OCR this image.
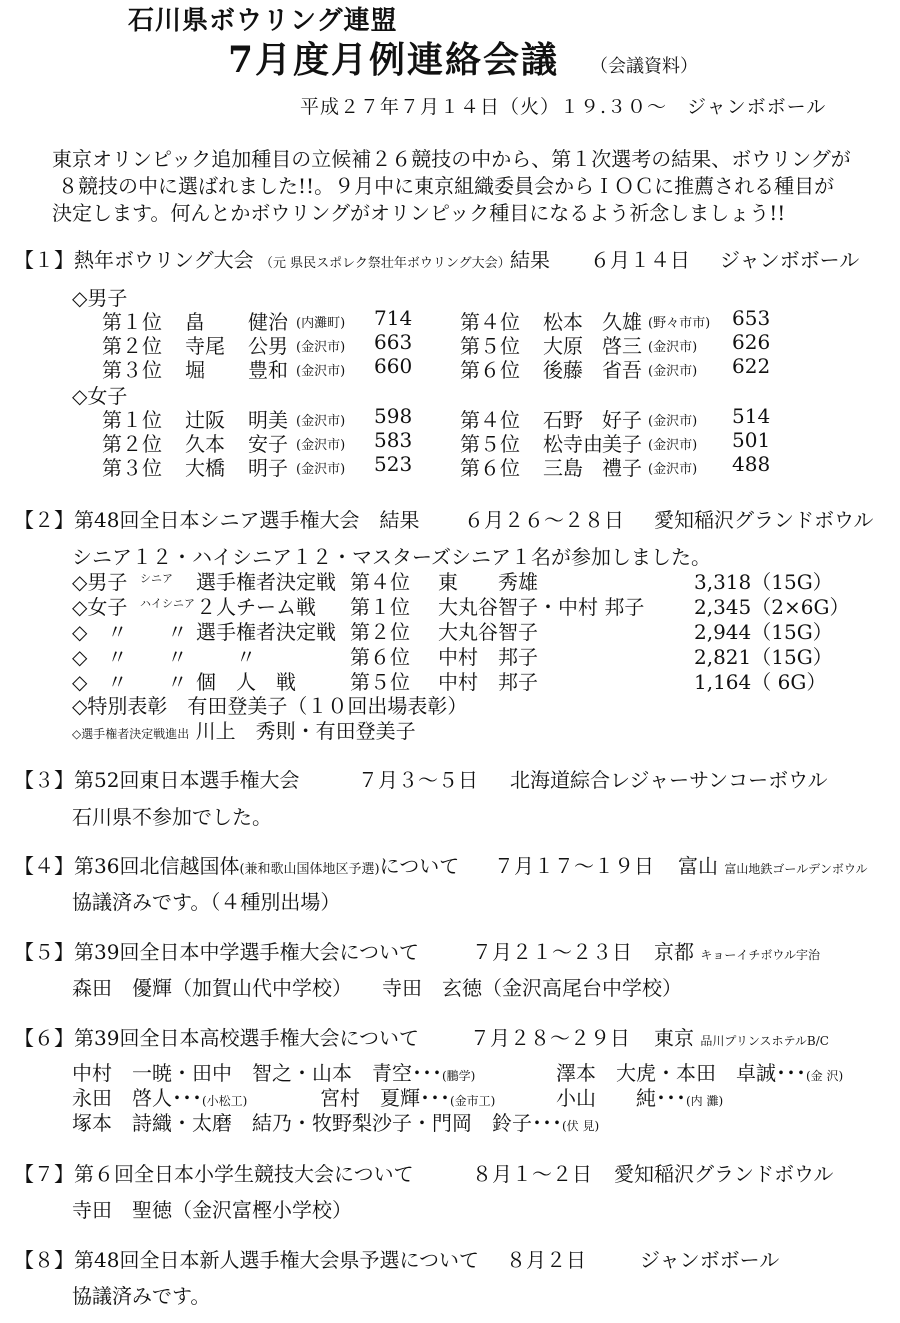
石川県ボウリング連盟
7月度月例連絡会議 （会議資料）
平成２７年７月１４日（火）１９.３０～　ジャンボボール
東京オリンピック追加種目の立候補２６競技の中から、第１次選考の結果、ボウリングが
８競技の中に選ばれました!!。９月中に東京組織委員会からＩＯＣに推薦される種目が
決定します。何んとかボウリングがオリンピック種目になるよう祈念しましょう!!
【１】熱年ボウリング大会 （元 県民スポレク祭壮年ボウリング大会） 結果 ６月１４日 ジャンボボール
◇男子
第１位 畠 健治 (内灘町) 714 第４位 松本 久雄 (野々市市) 653
第２位 寺尾 公男 (金沢市) 663 第５位 大原 啓三 (金沢市) 626
第３位 堀 豊和 (金沢市) 660 第６位 後藤 省吾 (金沢市) 622
◇女子
第１位 辻阪 明美 (金沢市) 598 第４位 石野 好子 (金沢市) 514
第２位 久本 安子 (金沢市) 583 第５位 松寺由 美子 (金沢市) 501
第３位 大橋 明子 (金沢市) 523 第６位 三島 禮子 (金沢市) 488
【２】第48回全日本シニア選手権大会　結果 ６月２６～２８日 愛知稲沢グランドボウル
シニア１２・ハイシニア１２・マスターズシニア１名が参加しました。
◇男子 シニア 選手権者決定戦 第４位 東　　秀雄	3,318（15G）
◇女子 ハイシニア ２人チーム戦 第１位 大丸谷智子・中村 邦子 2,345（2×6G）
◇　〃　　〃 選手権者決定戦 第２位 大丸谷智子	2,944（15G）
◇　〃　　〃 　　〃	第６位 中村　邦子	2,821（15G）
◇　〃　　〃 個　人　戦	第５位 中村　邦子	1,164（ 6G）
◇特別表彰　有田登美子（１０回出場表彰）
◇選手権者決定戦進出 川上　秀則・有田登美子
【３】第52回東日本選手権大会	７月３～５日 北海道綜合レジャーサンコーボウル
石川県不参加でした。
【４】第36回北信越国体(兼和歌山国体地区予選)について ７月１７～１９日 富山 富山地鉄ゴールデンボウル
協議済みです。（４種別出場）
【５】第39回全日本中学選手権大会について	７月２１～２３日 京都 キョーイチボウル宇治
森田　優輝（加賀山代中学校）　　寺田　玄徳（金沢高尾台中学校）
【６】第39回全日本高校選手権大会について	７月２８～２９日 東京 品川プリンスホテルB/C
中村　一暁・田中　智之・山本　青空･･･(鵬学)	澤本　大虎・本田　卓誠･･･(金 沢)
永田　啓人･･･(小松工)	宮村　夏輝･･･(金市工)	小山　　純･･･(内 灘)
塚本　詩織・太磨　結乃・牧野梨沙子・門岡　鈴子･･･(伏 見)
【７】第６回全日本小学生競技大会について	８月１～２日 愛知稲沢グランドボウル
寺田　聖徳（金沢富樫小学校）
【８】第48回全日本新人選手権大会県予選について ８月２日	ジャンボボール
協議済みです。
